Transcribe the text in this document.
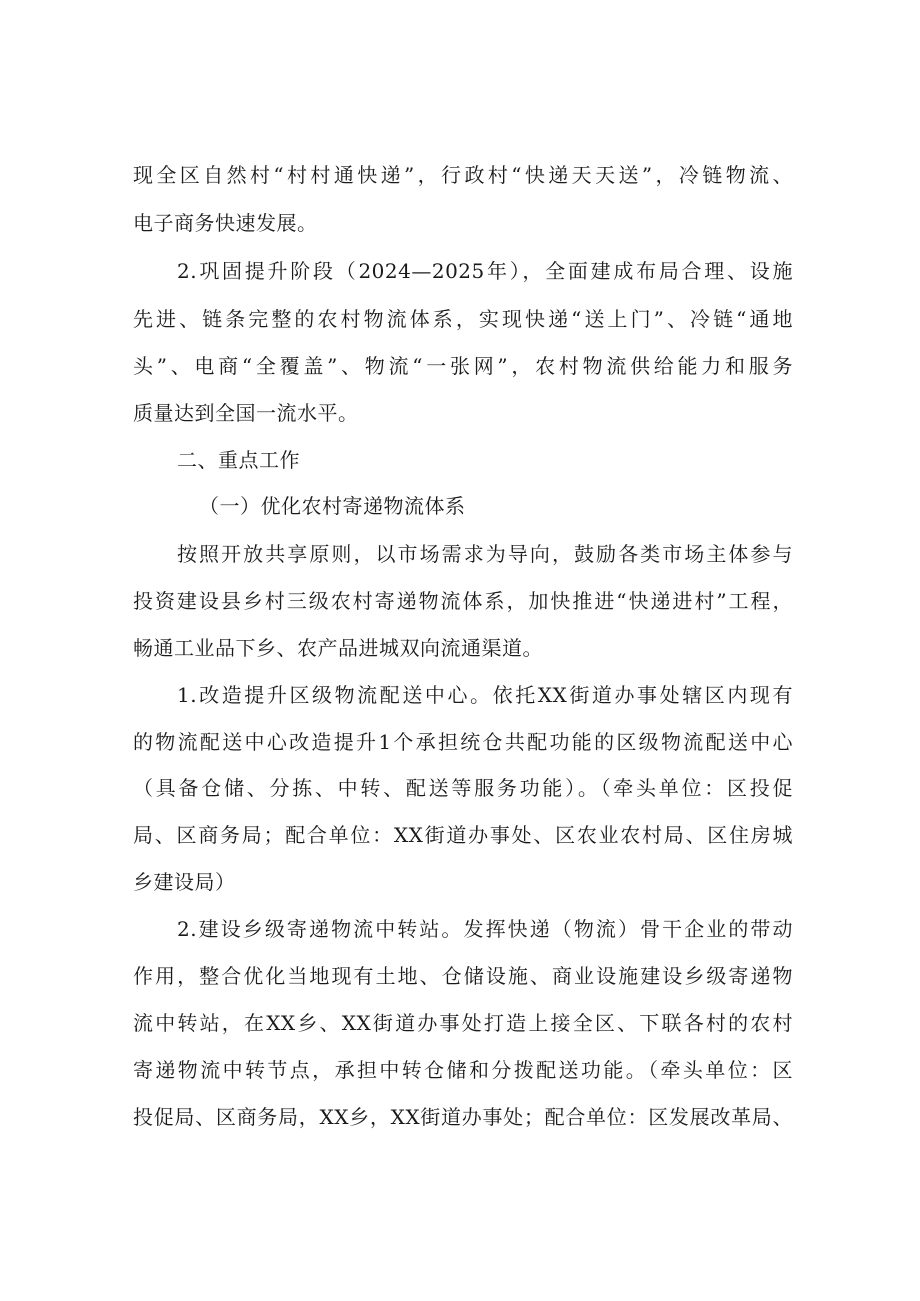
现全区自然村“村村通快递”，行政村“快递天天送”，冷链物流、
电子商务快速发展。
2.巩固提升阶段（2024—2025年），全面建成布局合理、设施
先进、链条完整的农村物流体系，实现快递“送上门”、冷链“通地
头”、电商“全覆盖”、物流“一张网”，农村物流供给能力和服务
质量达到全国一流水平。
二、重点工作
（一）优化农村寄递物流体系
按照开放共享原则，以市场需求为导向，鼓励各类市场主体参与
投资建设县乡村三级农村寄递物流体系，加快推进“快递进村”工程，
畅通工业品下乡、农产品进城双向流通渠道。
1.改造提升区级物流配送中心。依托XX街道办事处辖区内现有
的物流配送中心改造提升1个承担统仓共配功能的区级物流配送中心
（具备仓储、分拣、中转、配送等服务功能）。（牵头单位：区投促
局、区商务局；配合单位：XX街道办事处、区农业农村局、区住房城
乡建设局）
2.建设乡级寄递物流中转站。发挥快递（物流）骨干企业的带动
作用，整合优化当地现有土地、仓储设施、商业设施建设乡级寄递物
流中转站，在XX乡、XX街道办事处打造上接全区、下联各村的农村
寄递物流中转节点，承担中转仓储和分拨配送功能。（牵头单位：区
投促局、区商务局，XX乡，XX街道办事处；配合单位：区发展改革局、
